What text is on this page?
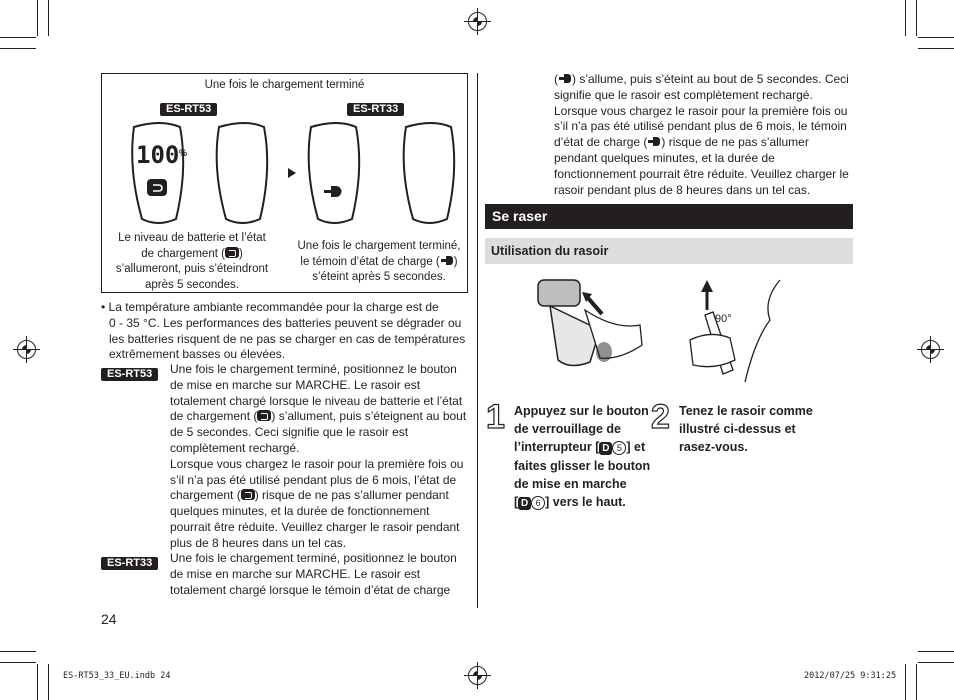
Une fois le chargement terminé
ES-RT53	ES-RT33
100 %
Le niveau de batterie et l’état
de chargement ( )
s’allumeront, puis s’éteindront
après 5 secondes.
Une fois le chargement terminé,
le témoin d’état de charge ( )
s’éteint après 5 secondes.
• La température ambiante recommandée pour la charge est de
0 - 35 °C. Les performances des batteries peuvent se dégrader ou
les batteries risquent de ne pas se charger en cas de températures
extrêmement basses ou élevées.
ES-RT53	Une fois le chargement terminé, positionnez le bouton
de mise en marche sur MARCHE. Le rasoir est
totalement chargé lorsque le niveau de batterie et l’état
de chargement ( ) s’allument, puis s’éteignent au bout
de 5 secondes. Ceci signifie que le rasoir est
complètement rechargé.
Lorsque vous chargez le rasoir pour la première fois ou
s’il n’a pas été utilisé pendant plus de 6 mois, l’état de
chargement ( ) risque de ne pas s’allumer pendant
quelques minutes, et la durée de fonctionnement
pourrait être réduite. Veuillez charger le rasoir pendant
plus de 8 heures dans un tel cas.
ES-RT33	Une fois le chargement terminé, positionnez le bouton
de mise en marche sur MARCHE. Le rasoir est
totalement chargé lorsque le témoin d’état de charge
24
( ) s’allume, puis s’éteint au bout de 5 secondes. Ceci
signifie que le rasoir est complètement rechargé.
Lorsque vous chargez le rasoir pour la première fois ou
s’il n’a pas été utilisé pendant plus de 6 mois, le témoin
d’état de charge ( ) risque de ne pas s’allumer
pendant quelques minutes, et la durée de
fonctionnement pourrait être réduite. Veuillez charger le
rasoir pendant plus de 8 heures dans un tel cas.
Se raser
Utilisation du rasoir
90°
1 Appuyez sur le bouton
de verrouillage de
l’interrupteur [ D 5 ] et
faites glisser le bouton
de mise en marche
[ D 6 ] vers le haut.
2 Tenez le rasoir comme
illustré ci-dessus et
rasez-vous.
ES-RT53_33_EU.indb 24	2012/07/25 9:31:25
